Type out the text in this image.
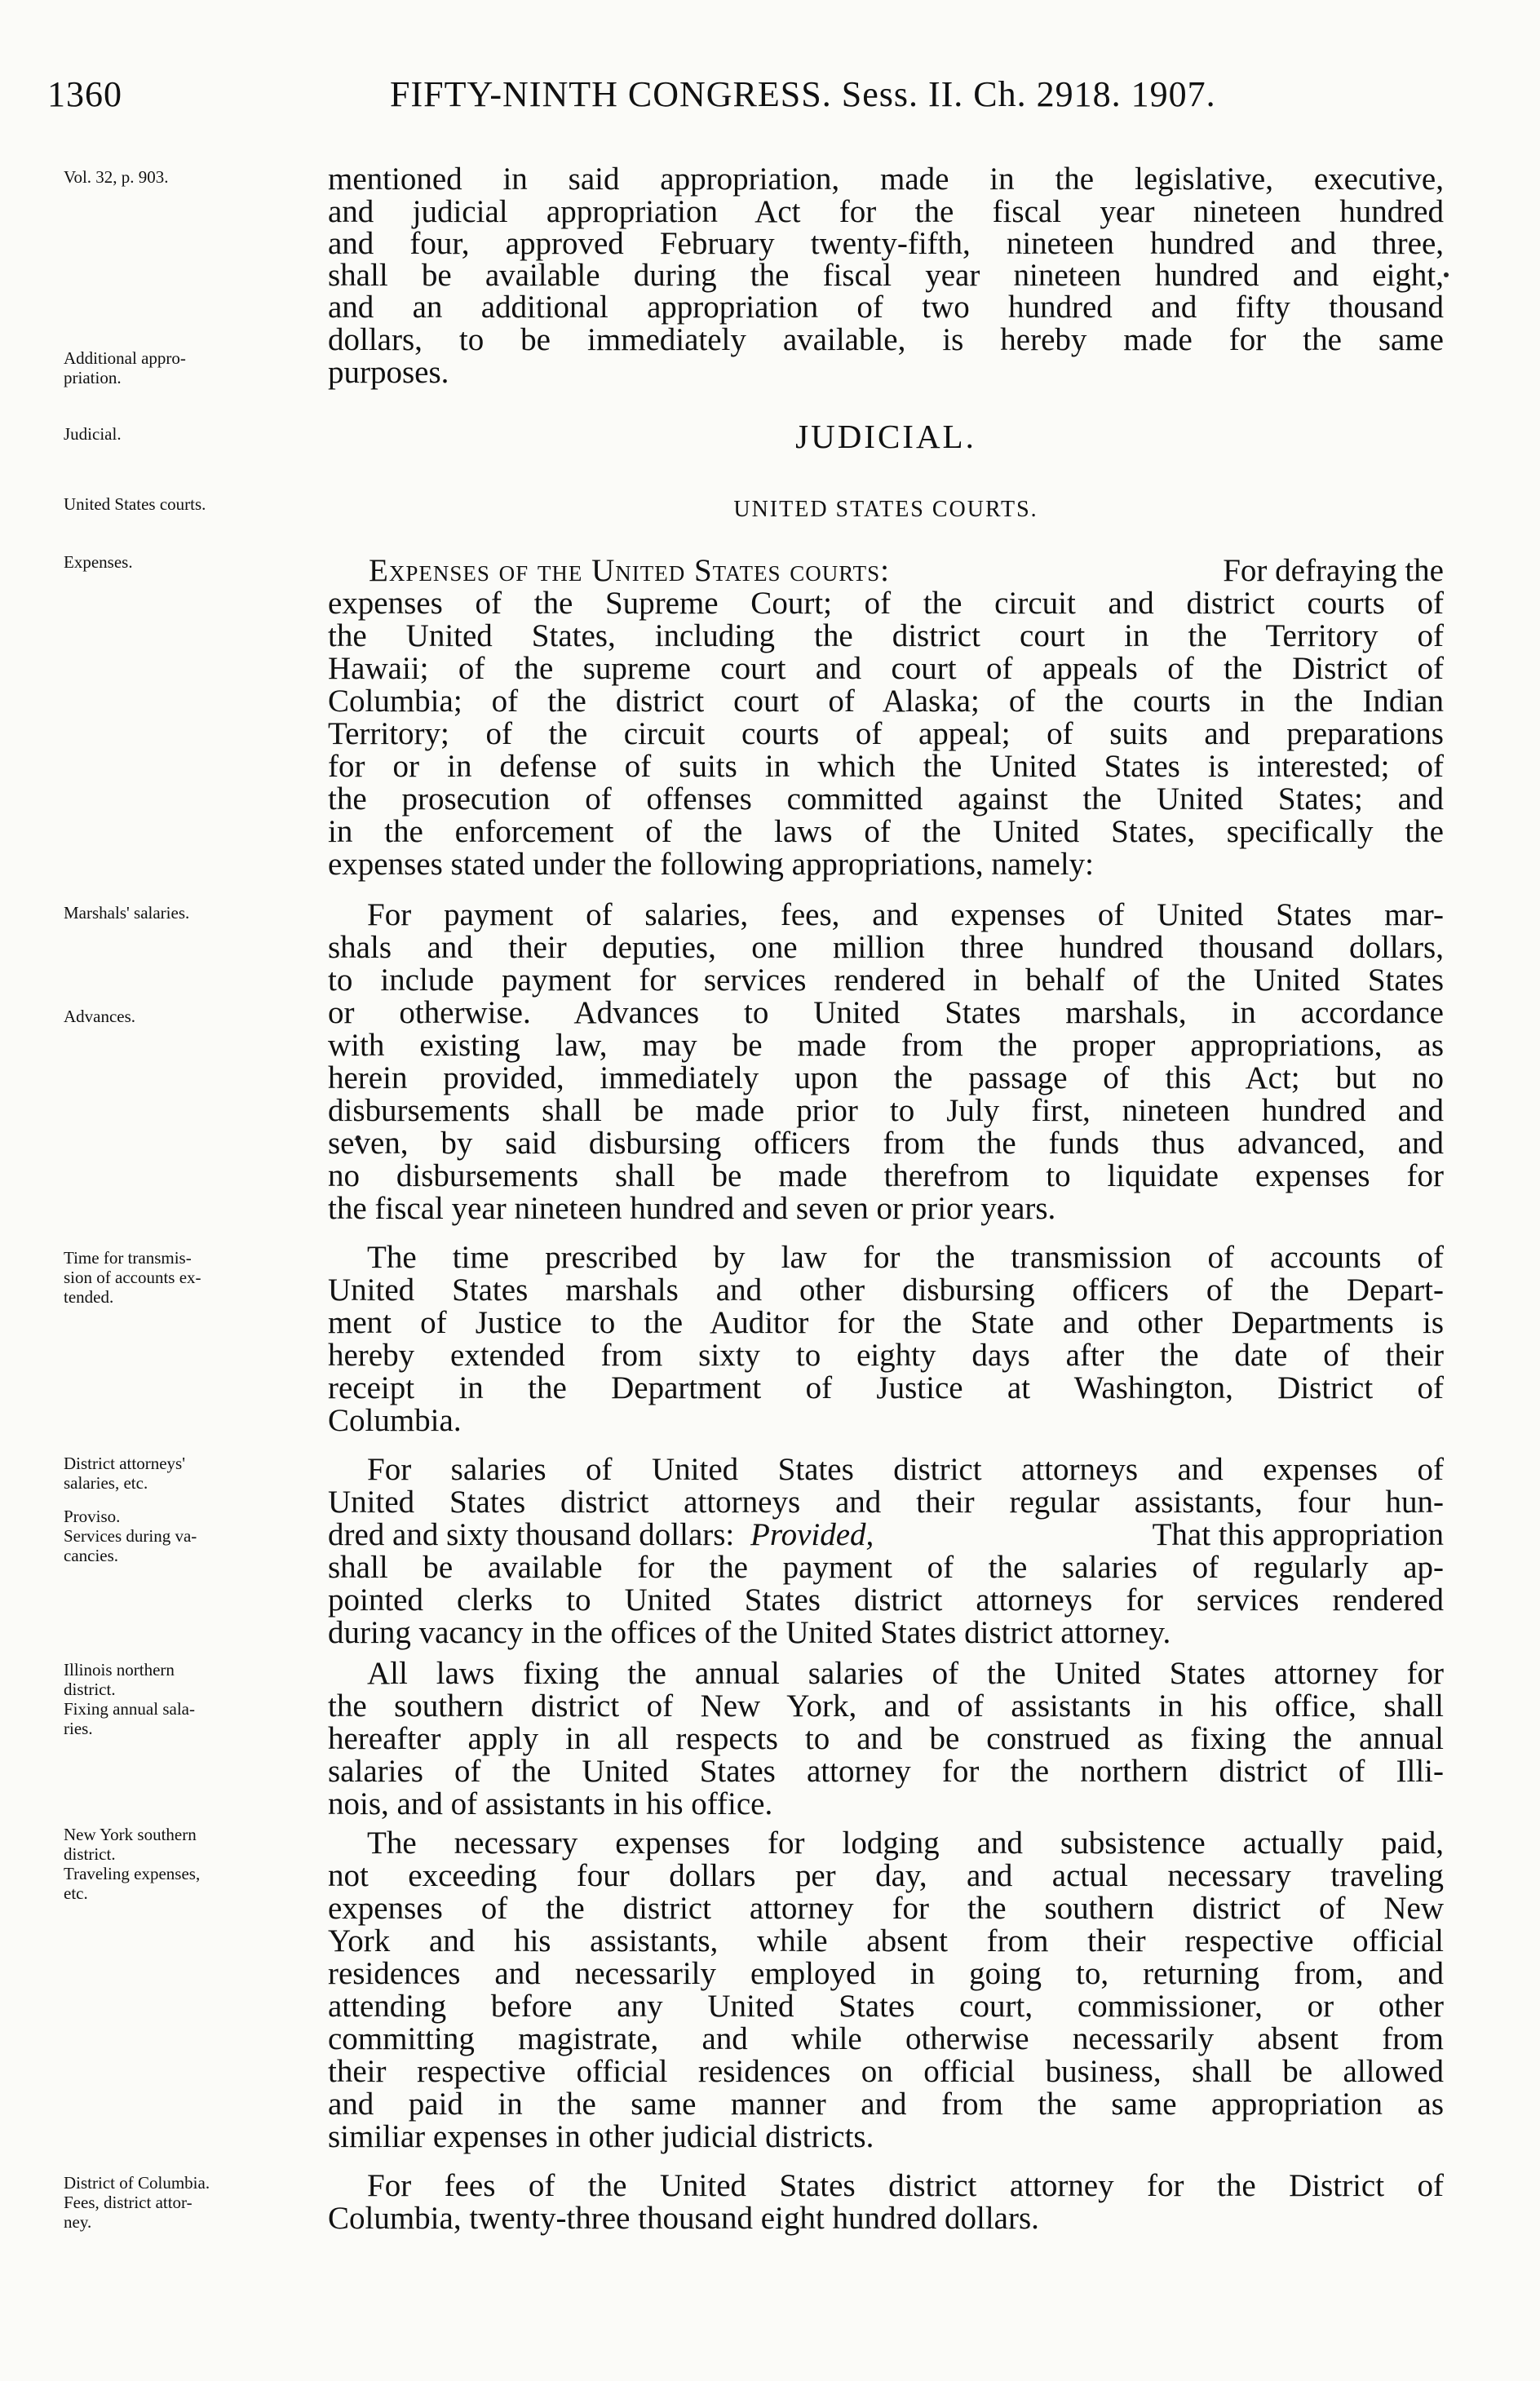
1360	FIFTY-NINTH CONGRESS. Sess. II. Ch. 2918. 1907.
Vol. 32, p. 903.
Additional appro-
priation.
Judicial.
United States courts.
Expenses.
Marshals' salaries.
Advances.
Time for transmis-
sion of accounts ex-
tended.
District attorneys'
salaries, etc.
Proviso.
Services during va-
cancies.
Illinois northern
district.
Fixing annual sala-
ries.
New York southern
district.
Traveling expenses,
etc.
District of Columbia.
Fees, district attor-
ney.
mentioned in said appropriation, made in the legislative, executive,
and judicial appropriation Act for the fiscal year nineteen hundred
and four, approved February twenty-fifth, nineteen hundred and three,
shall be available during the fiscal year nineteen hundred and eight,
and an additional appropriation of two hundred and fifty thousand
dollars, to be immediately available, is hereby made for the same
purposes.
JUDICIAL.
UNITED STATES COURTS.
Expenses of the United States courts:	For defraying the
expenses of the Supreme Court; of the circuit and district courts of
the United States, including the district court in the Territory of
Hawaii; of the supreme court and court of appeals of the District of
Columbia; of the district court of Alaska; of the courts in the Indian
Territory; of the circuit courts of appeal; of suits and preparations
for or in defense of suits in which the United States is interested; of
the prosecution of offenses committed against the United States; and
in the enforcement of the laws of the United States, specifically the
expenses stated under the following appropriations, namely:
For payment of salaries, fees, and expenses of United States mar-
shals and their deputies, one million three hundred thousand dollars,
to include payment for services rendered in behalf of the United States
or otherwise. Advances to United States marshals, in accordance
with existing law, may be made from the proper appropriations, as
herein provided, immediately upon the passage of this Act; but no
disbursements shall be made prior to July first, nineteen hundred and
seven, by said disbursing officers from the funds thus advanced, and
no disbursements shall be made therefrom to liquidate expenses for
the fiscal year nineteen hundred and seven or prior years.
The time prescribed by law for the transmission of accounts of
United States marshals and other disbursing officers of the Depart-
ment of Justice to the Auditor for the State and other Departments is
hereby extended from sixty to eighty days after the date of their
receipt in the Department of Justice at Washington, District of
Columbia.
For salaries of United States district attorneys and expenses of
United States district attorneys and their regular assistants, four hun-
dred and sixty thousand dollars: Provided,	That this appropriation
shall be available for the payment of the salaries of regularly ap-
pointed clerks to United States district attorneys for services rendered
during vacancy in the offices of the United States district attorney.
All laws fixing the annual salaries of the United States attorney for
the southern district of New York, and of assistants in his office, shall
hereafter apply in all respects to and be construed as fixing the annual
salaries of the United States attorney for the northern district of Illi-
nois, and of assistants in his office.
The necessary expenses for lodging and subsistence actually paid,
not exceeding four dollars per day, and actual necessary traveling
expenses of the district attorney for the southern district of New
York and his assistants, while absent from their respective official
residences and necessarily employed in going to, returning from, and
attending before any United States court, commissioner, or other
committing magistrate, and while otherwise necessarily absent from
their respective official residences on official business, shall be allowed
and paid in the same manner and from the same appropriation as
similiar expenses in other judicial districts.
For fees of the United States district attorney for the District of
Columbia, twenty-three thousand eight hundred dollars.
